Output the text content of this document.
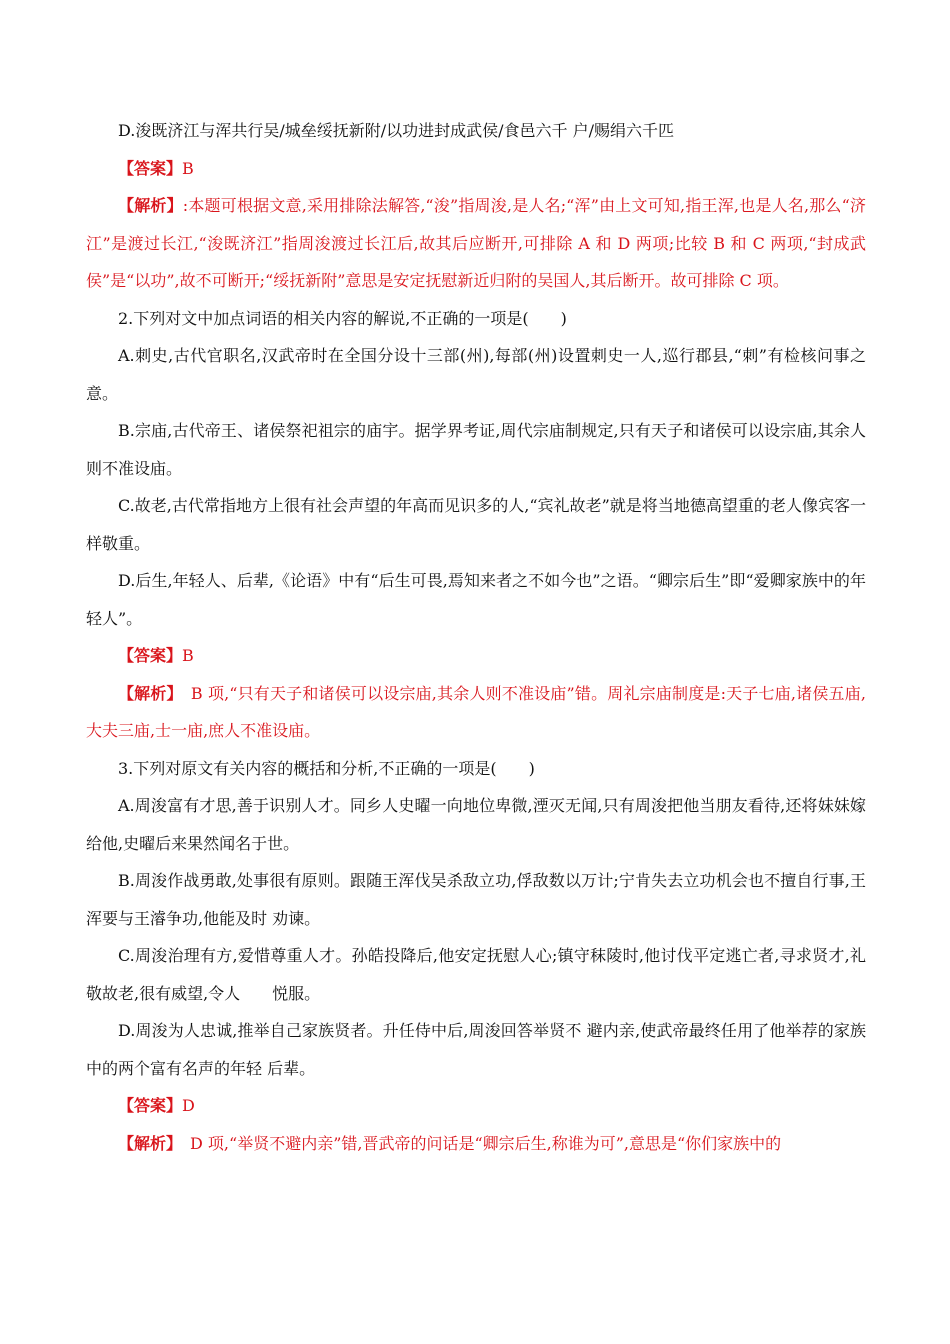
D.浚既济江与浑共行吴/城垒绥抚新附/以功进封成武侯/食邑六千 户/赐绢六千匹

【答案】B

【解析】:本题可根据文意,采用排除法解答,“浚”指周浚,是人名;“浑”由上文可知,指王浑,也是人名,那么“济江”是渡过长江,“浚既济江”指周浚渡过长江后,故其后应断开,可排除 A 和 D 两项;比较 B 和 C 两项,“封成武侯”是“以功”,故不可断开;“绥抚新附”意思是安定抚慰新近归附的吴国人,其后断开。故可排除 C 项。

2.下列对文中加点词语的相关内容的解说,不正确的一项是(　　)

A.刺史,古代官职名,汉武帝时在全国分设十三部(州),每部(州)设置刺史一人,巡行郡县,“刺”有检核问事之意。

B.宗庙,古代帝王、诸侯祭祀祖宗的庙宇。据学界考证,周代宗庙制规定,只有天子和诸侯可以设宗庙,其余人则不准设庙。

C.故老,古代常指地方上很有社会声望的年高而见识多的人,“宾礼故老”就是将当地德高望重的老人像宾客一样敬重。

D.后生,年轻人、后辈,《论语》中有“后生可畏,焉知来者之不如今也”之语。“卿宗后生”即“爱卿家族中的年轻人”。

【答案】B

【解析】　B 项,“只有天子和诸侯可以设宗庙,其余人则不准设庙”错。周礼宗庙制度是:天子七庙,诸侯五庙,大夫三庙,士一庙,庶人不准设庙。

3.下列对原文有关内容的概括和分析,不正确的一项是(　　)

A.周浚富有才思,善于识别人才。同乡人史曜一向地位卑微,湮灭无闻,只有周浚把他当朋友看待,还将妹妹嫁给他,史曜后来果然闻名于世。

B.周浚作战勇敢,处事很有原则。跟随王浑伐吴杀敌立功,俘敌数以万计;宁肯失去立功机会也不擅自行事,王浑要与王濬争功,他能及时 劝谏。

C.周浚治理有方,爱惜尊重人才。孙皓投降后,他安定抚慰人心;镇守秣陵时,他讨伐平定逃亡者,寻求贤才,礼敬故老,很有威望,令人　　悦服。

D.周浚为人忠诚,推举自己家族贤者。升任侍中后,周浚回答举贤不 避内亲,使武帝最终任用了他举荐的家族中的两个富有名声的年轻 后辈。

【答案】D

【解析】　D 项,“举贤不避内亲”错,晋武帝的问话是“卿宗后生,称谁为可”,意思是“你们家族中的
